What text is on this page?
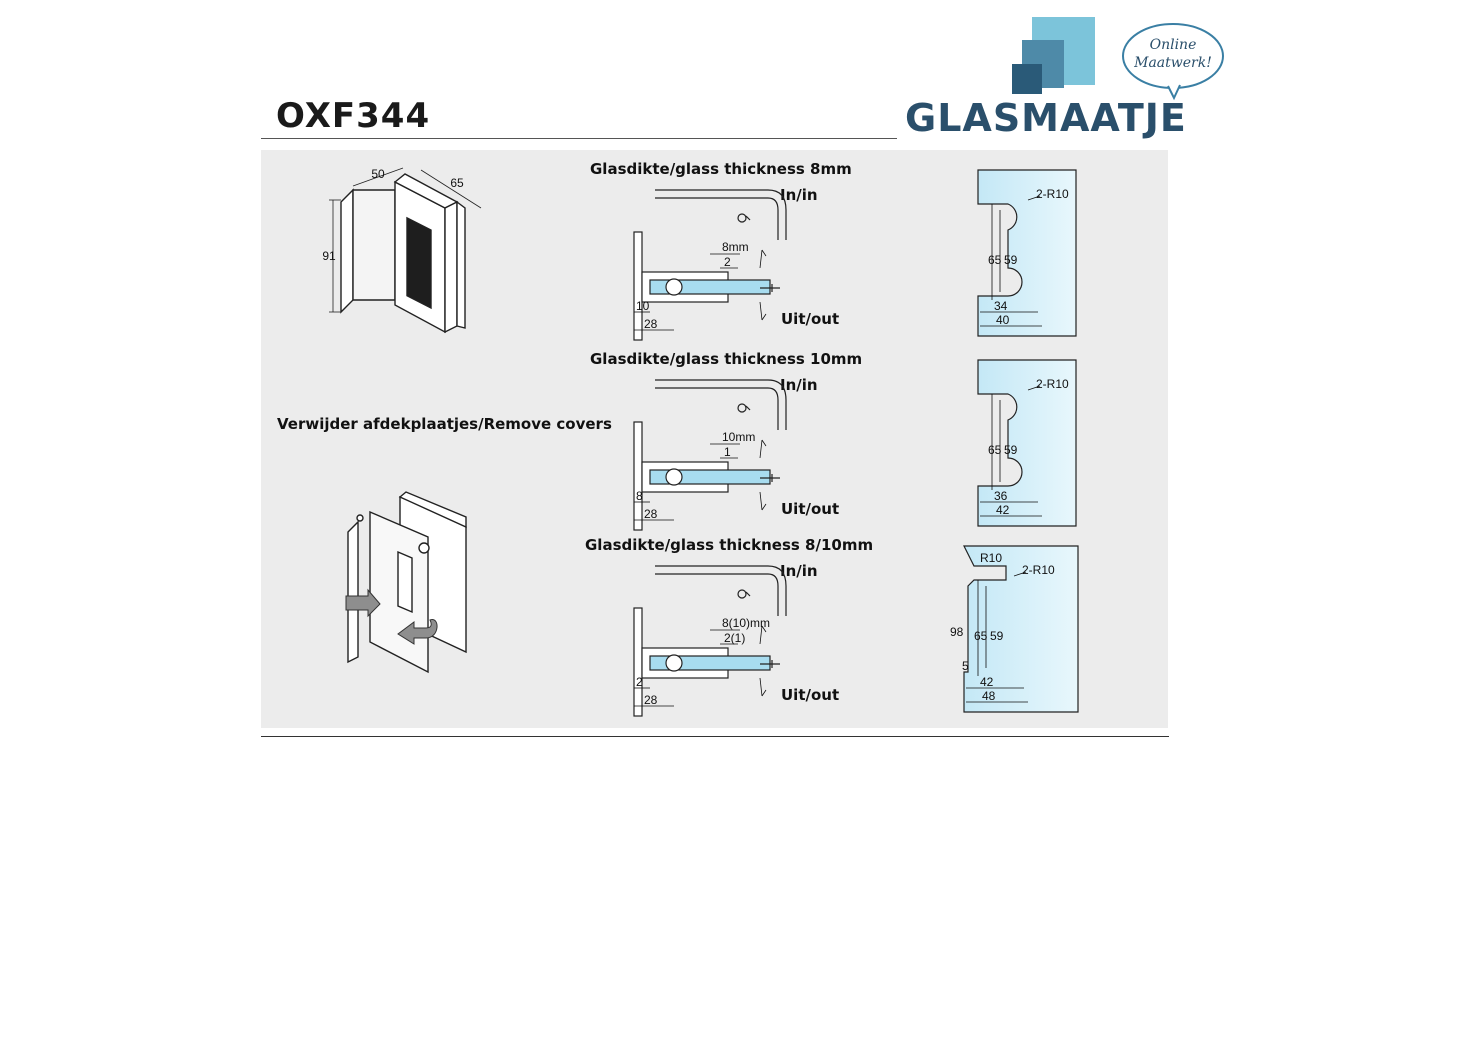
OXF344
Online
Maatwerk!
GLASMAATJE
50
65
91
Verwijder afdekplaatjes/Remove covers
Glasdikte/glass thickness 8mm
In/in
Uit/out
8mm
2
10
28
2-R10
65 59
34
40
Glasdikte/glass thickness 10mm
In/in
Uit/out
10mm
1
8
28
2-R10
65 59
36
42
Glasdikte/glass thickness 8/10mm
In/in
Uit/out
8(10)mm
2(1)
2
28
2-R10
65 59
42
48
R10
98
5
